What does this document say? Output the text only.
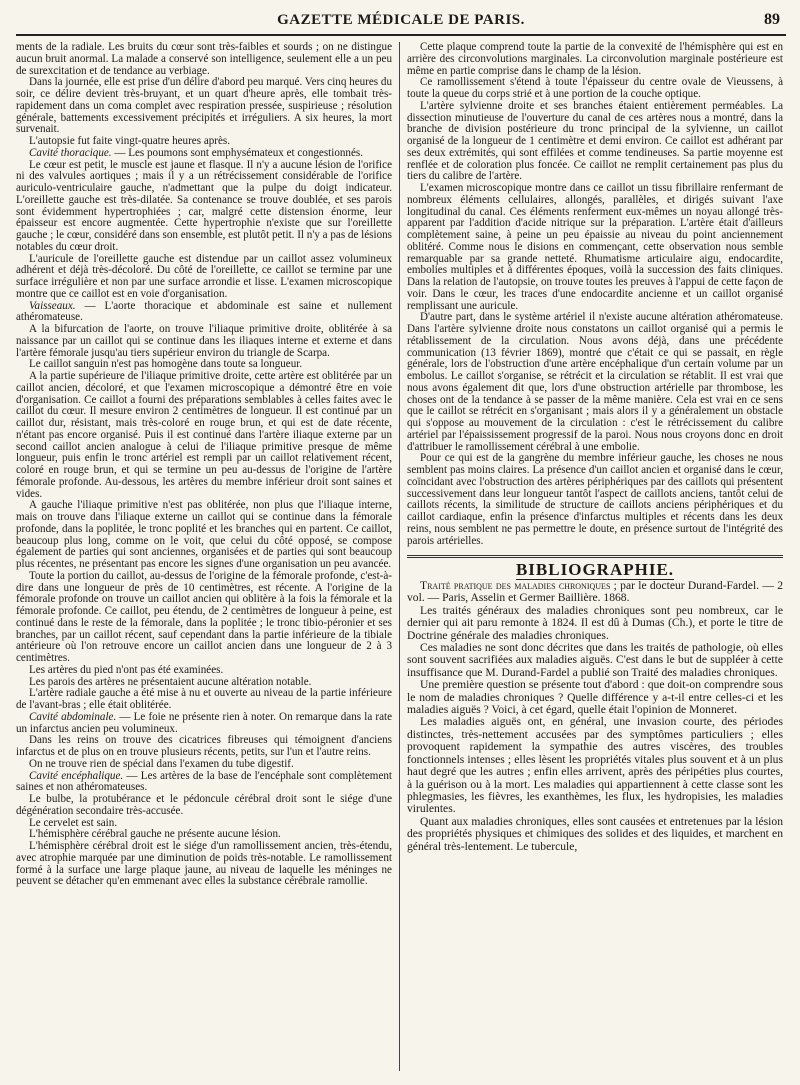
GAZETTE MÉDICALE DE PARIS.	89

ments de la radiale. Les bruits du cœur sont très-faibles et sourds ; on ne distingue aucun bruit anormal. La malade a conservé son intelligence, seulement elle a un peu de surexcitation et de tendance au verbiage.

Dans la journée, elle est prise d'un délire d'abord peu marqué. Vers cinq heures du soir, ce délire devient très-bruyant, et un quart d'heure après, elle tombait très-rapidement dans un coma complet avec respiration pressée, suspirieuse ; résolution générale, battements excessivement précipités et irréguliers. A six heures, la mort survenait.

L'autopsie fut faite vingt-quatre heures après.

Cavité thoracique. — Les poumons sont emphysémateux et congestionnés.

Le cœur est petit, le muscle est jaune et flasque. Il n'y a aucune lésion de l'orifice ni des valvules aortiques ; mais il y a un rétrécissement considérable de l'orifice auriculo-ventriculaire gauche, n'admettant que la pulpe du doigt indicateur. L'oreillette gauche est très-dilatée. Sa contenance se trouve doublée, et ses parois sont évidemment hypertrophiées ; car, malgré cette distension énorme, leur épaisseur est encore augmentée. Cette hypertrophie n'existe que sur l'oreillette gauche ; le cœur, considéré dans son ensemble, est plutôt petit. Il n'y a pas de lésions notables du cœur droit.

L'auricule de l'oreillette gauche est distendue par un caillot assez volumineux adhérent et déjà très-décoloré. Du côté de l'oreillette, ce caillot se termine par une surface irrégulière et non par une surface arrondie et lisse. L'examen microscopique montre que ce caillot est en voie d'organisation.

Vaisseaux. — L'aorte thoracique et abdominale est saine et nullement athéromateuse.

A la bifurcation de l'aorte, on trouve l'iliaque primitive droite, oblitérée à sa naissance par un caillot qui se continue dans les iliaques interne et externe et dans l'artère fémorale jusqu'au tiers supérieur environ du triangle de Scarpa.

Le caillot sanguin n'est pas homogène dans toute sa longueur.

A la partie supérieure de l'iliaque primitive droite, cette artère est oblitérée par un caillot ancien, décoloré, et que l'examen microscopique a démontré être en voie d'organisation. Ce caillot a fourni des préparations semblables à celles faites avec le caillot du cœur. Il mesure environ 2 centimètres de longueur. Il est continué par un caillot dur, résistant, mais très-coloré en rouge brun, et qui est de date récente, n'étant pas encore organisé. Puis il est continué dans l'artère iliaque externe par un second caillot ancien analogue à celui de l'iliaque primitive presque de même longueur, puis enfin le tronc artériel est rempli par un caillot relativement récent, coloré en rouge brun, et qui se termine un peu au-dessus de l'origine de l'artère fémorale profonde. Au-dessous, les artères du membre inférieur droit sont saines et vides.

A gauche l'iliaque primitive n'est pas oblitérée, non plus que l'iliaque interne, mais on trouve dans l'iliaque externe un caillot qui se continue dans la fémorale profonde, dans la poplitée, le tronc poplité et les branches qui en partent. Ce caillot, beaucoup plus long, comme on le voit, que celui du côté opposé, se compose également de parties qui sont anciennes, organisées et de parties qui sont beaucoup plus récentes, ne présentant pas encore les signes d'une organisation un peu avancée.

Toute la portion du caillot, au-dessus de l'origine de la fémorale profonde, c'est-à-dire dans une longueur de près de 10 centimètres, est récente. A l'origine de la fémorale profonde on trouve un caillot ancien qui oblitère à la fois la fémorale et la fémorale profonde. Ce caillot, peu étendu, de 2 centimètres de longueur à peine, est continué dans le reste de la fémorale, dans la poplitée ; le tronc tibio-péronier et ses branches, par un caillot récent, sauf cependant dans la partie inférieure de la tibiale antérieure où l'on retrouve encore un caillot ancien dans une longueur de 2 à 3 centimètres.

Les artères du pied n'ont pas été examinées.

Les parois des artères ne présentaient aucune altération notable.

L'artère radiale gauche a été mise à nu et ouverte au niveau de la partie inférieure de l'avant-bras ; elle était oblitérée.

Cavité abdominale. — Le foie ne présente rien à noter. On remarque dans la rate un infarctus ancien peu volumineux.

Dans les reins on trouve des cicatrices fibreuses qui témoignent d'anciens infarctus et de plus on en trouve plusieurs récents, petits, sur l'un et l'autre reins.

On ne trouve rien de spécial dans l'examen du tube digestif.

Cavité encéphalique. — Les artères de la base de l'encéphale sont complètement saines et non athéromateuses.

Le bulbe, la protubérance et le pédoncule cérébral droit sont le siége d'une dégénération secondaire très-accusée.

Le cervelet est sain.

L'hémisphère cérébral gauche ne présente aucune lésion.

L'hémisphère cérébral droit est le siége d'un ramollissement ancien, très-étendu, avec atrophie marquée par une diminution de poids très-notable. Le ramollissement formé à la surface une large plaque jaune, au niveau de laquelle les méninges ne peuvent se détacher qu'en emmenant avec elles la substance cérébrale ramollie.

Cette plaque comprend toute la partie de la convexité de l'hémisphère qui est en arrière des circonvolutions marginales. La circonvolution marginale postérieure est même en partie comprise dans le champ de la lésion.

Ce ramollissement s'étend à toute l'épaisseur du centre ovale de Vieussens, à toute la queue du corps strié et à une portion de la couche optique.

L'artère sylvienne droite et ses branches étaient entièrement perméables. La dissection minutieuse de l'ouverture du canal de ces artères nous a montré, dans la branche de division postérieure du tronc principal de la sylvienne, un caillot organisé de la longueur de 1 centimètre et demi environ. Ce caillot est adhérant par ses deux extrémités, qui sont effilées et comme tendineuses. Sa partie moyenne est renflée et de coloration plus foncée. Ce caillot ne remplit certainement pas plus du tiers du calibre de l'artère.

L'examen microscopique montre dans ce caillot un tissu fibrillaire renfermant de nombreux éléments cellulaires, allongés, parallèles, et dirigés suivant l'axe longitudinal du canal. Ces éléments renferment eux-mêmes un noyau allongé très-apparent par l'addition d'acide nitrique sur la préparation. L'artère était d'ailleurs complètement saine, à peine un peu épaissie au niveau du point anciennement oblitéré. Comme nous le disions en commençant, cette observation nous semble remarquable par sa grande netteté. Rhumatisme articulaire aigu, endocardite, embolies multiples et à différentes époques, voilà la succession des faits cliniques. Dans la relation de l'autopsie, on trouve toutes les preuves à l'appui de cette façon de voir. Dans le cœur, les traces d'une endocardite ancienne et un caillot organisé remplissant une auricule.

D'autre part, dans le système artériel il n'existe aucune altération athéromateuse. Dans l'artère sylvienne droite nous constatons un caillot organisé qui a permis le rétablissement de la circulation. Nous avons déjà, dans une précédente communication (13 février 1869), montré que c'était ce qui se passait, en règle générale, lors de l'obstruction d'une artère encéphalique d'un certain volume par un embolus. Le caillot s'organise, se rétrécit et la circulation se rétablit. Il est vrai que nous avons également dit que, lors d'une obstruction artérielle par thrombose, les choses ont de la tendance à se passer de la même manière. Cela est vrai en ce sens que le caillot se rétrécit en s'organisant ; mais alors il y a généralement un obstacle qui s'oppose au mouvement de la circulation : c'est le rétrécissement du calibre artériel par l'épaississement progressif de la paroi. Nous nous croyons donc en droit d'attribuer le ramollissement cérébral à une embolie.

Pour ce qui est de la gangrène du membre inférieur gauche, les choses ne nous semblent pas moins claires. La présence d'un caillot ancien et organisé dans le cœur, coïncidant avec l'obstruction des artères périphériques par des caillots qui présentent successivement dans leur longueur tantôt l'aspect de caillots anciens, tantôt celui de caillots récents, la similitude de structure de caillots anciens périphériques et du caillot cardiaque, enfin la présence d'infarctus multiples et récents dans les deux reins, nous semblent ne pas permettre le doute, en présence surtout de l'intégrité des parois artérielles.

BIBLIOGRAPHIE.

Traité pratique des maladies chroniques ; par le docteur Durand-Fardel. — 2 vol. — Paris, Asselin et Germer Baillière. 1868.

Les traités généraux des maladies chroniques sont peu nombreux, car le dernier qui ait paru remonte à 1824. Il est dû à Dumas (Ch.), et porte le titre de Doctrine générale des maladies chroniques.

Ces maladies ne sont donc décrites que dans les traités de pathologie, où elles sont souvent sacrifiées aux maladies aiguës. C'est dans le but de suppléer à cette insuffisance que M. Durand-Fardel a publié son Traité des maladies chroniques.

Une première question se présente tout d'abord : que doit-on comprendre sous le nom de maladies chroniques ? Quelle différence y a-t-il entre celles-ci et les maladies aiguës ? Voici, à cet égard, quelle était l'opinion de Monneret.

Les maladies aiguës ont, en général, une invasion courte, des périodes distinctes, très-nettement accusées par des symptômes particuliers ; elles provoquent rapidement la sympathie des autres viscères, des troubles fonctionnels intenses ; elles lèsent les propriétés vitales plus souvent et à un plus haut degré que les autres ; enfin elles arrivent, après des péripéties plus courtes, à la guérison ou à la mort. Les maladies qui appartiennent à cette classe sont les phlegmasies, les fièvres, les exanthèmes, les flux, les hydropisies, les maladies virulentes.

Quant aux maladies chroniques, elles sont causées et entretenues par la lésion des propriétés physiques et chimiques des solides et des liquides, et marchent en général très-lentement. Le tubercule,
